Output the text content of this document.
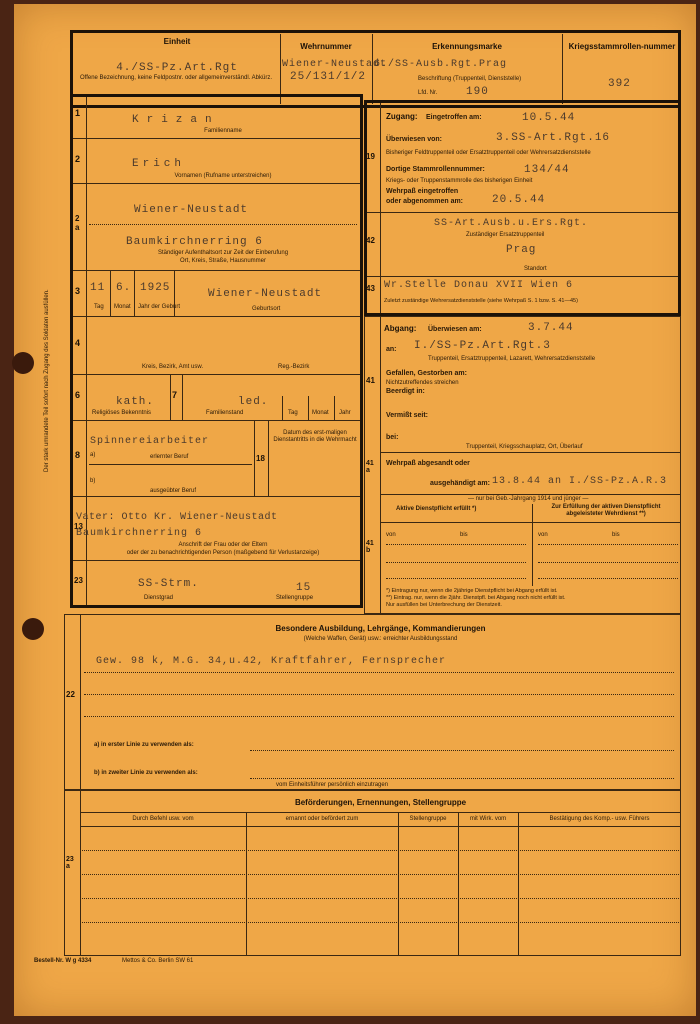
Der stark umrandete Teil sofort nach Zugang des Soldaten ausfüllen.
Einheit
4./SS-Pz.Art.Rgt
Offene Bezeichnung, keine Feldpostnr. oder allgemeinverständl. Abkürz.
Wehrnummer
Wiener-Neustadt
25/131/1/2
Erkennungsmarke
6./SS-Ausb.Rgt.Prag
Beschriftung (Truppenteil, Dienststelle)
Lfd. Nr.	190
Kriegsstammrollen-nummer
392
1
Krizan
Familienname
2	Erich
Vornamen (Rufname unterstreichen)
2 a
Wiener-Neustadt
Baumkirchnerring 6
Ständiger Aufenthaltsort zur Zeit der Einberufung
Ort, Kreis, Straße, Hausnummer
3 11 6. 1925	Wiener-Neustadt
Tag Monat Jahr der Geburt	Geburtsort
4
Kreis, Bezirk, Amt usw.	Reg.-Bezirk
6	7
kath.
Religiöses Bekenntnis
led.
Familienstand	Tag Monat Jahr
8 a)
Spinnereiarbeiter
erlernter Beruf
b)
ausgeübter Beruf
18
Datum des erst-maligen Dienstantritts in die Wehrmacht
13
Vater: Otto Kr. Wiener-Neustadt
Baumkirchnerring 6
Anschrift der Frau oder der Eltern
oder der zu benachrichtigenden Person (maßgebend für Verlustanzeige)
23	SS-Strm.	15
Dienstgrad	Stellengruppe
Zugang: Eingetroffen am:	10.5.44
19
Überwiesen von:	3.SS-Art.Rgt.16
Bisheriger Feldtruppenteil oder Ersatztruppenteil oder Wehrersatzdienststelle
Dortige Stammrollennummer:	134/44
Kriegs- oder Truppenstammrolle des bisherigen Einheit
Wehrpaß eingetroffen
oder abgenommen am:	20.5.44
42
SS-Art.Ausb.u.Ers.Rgt.
Zuständiger Ersatztruppenteil
Prag
Standort
43 Wr.Stelle Donau XVII Wien 6
Zuletzt zuständige Wehrersatzdienststelle (siehe Wehrpaß S. 1 bzw. S. 41—45)
Abgang: Überwiesen am:	3.7.44
an: I./SS-Pz.Art.Rgt.3
Truppenteil, Ersatztruppenteil, Lazarett, Wehrersatzdienststelle
Gefallen, Gestorben am:
Nichtzutreffendes streichen
Beerdigt in:
41
Vermißt seit:
bei:
Truppenteil, Kriegsschauplatz, Ort, Überlauf
41 a
Wehrpaß abgesandt oder
ausgehändigt am: 13.8.44 an I./SS-Pz.A.R.3
41 b
— nur bei Geb.-Jahrgang 1914 und jünger —
Aktive Dienstpflicht erfüllt *)	Zur Erfüllung der aktiven Dienstpflicht abgeleisteter Wehrdienst **)
von	bis	von	bis
*) Eintragung nur, wenn die 2jährige Dienstpflicht bei Abgang erfüllt ist.
**) Eintrag. nur, wenn die 2jähr. Dienstpfl. bei Abgang noch nicht erfüllt ist.
Nur ausfüllen bei Unterbrechung der Dienstzeit.
Besondere Ausbildung, Lehrgänge, Kommandierungen
(Welche Waffen, Gerät) usw.: erreichter Ausbildungsstand
22
Gew. 98 k, M.G. 34,u.42, Kraftfahrer, Fernsprecher
a) in erster Linie zu verwenden als:
b) in zweiter Linie zu verwenden als:
vom Einheitsführer persönlich einzutragen
Beförderungen, Ernennungen, Stellengruppe
23 a
Durch Befehl usw. vom	ernannt oder befördert zum	Stellengruppe	mit Wirk. vom	Bestätigung des Komp.- usw. Führers
Bestell-Nr. W g 4334	Mettos & Co. Berlin SW 61
